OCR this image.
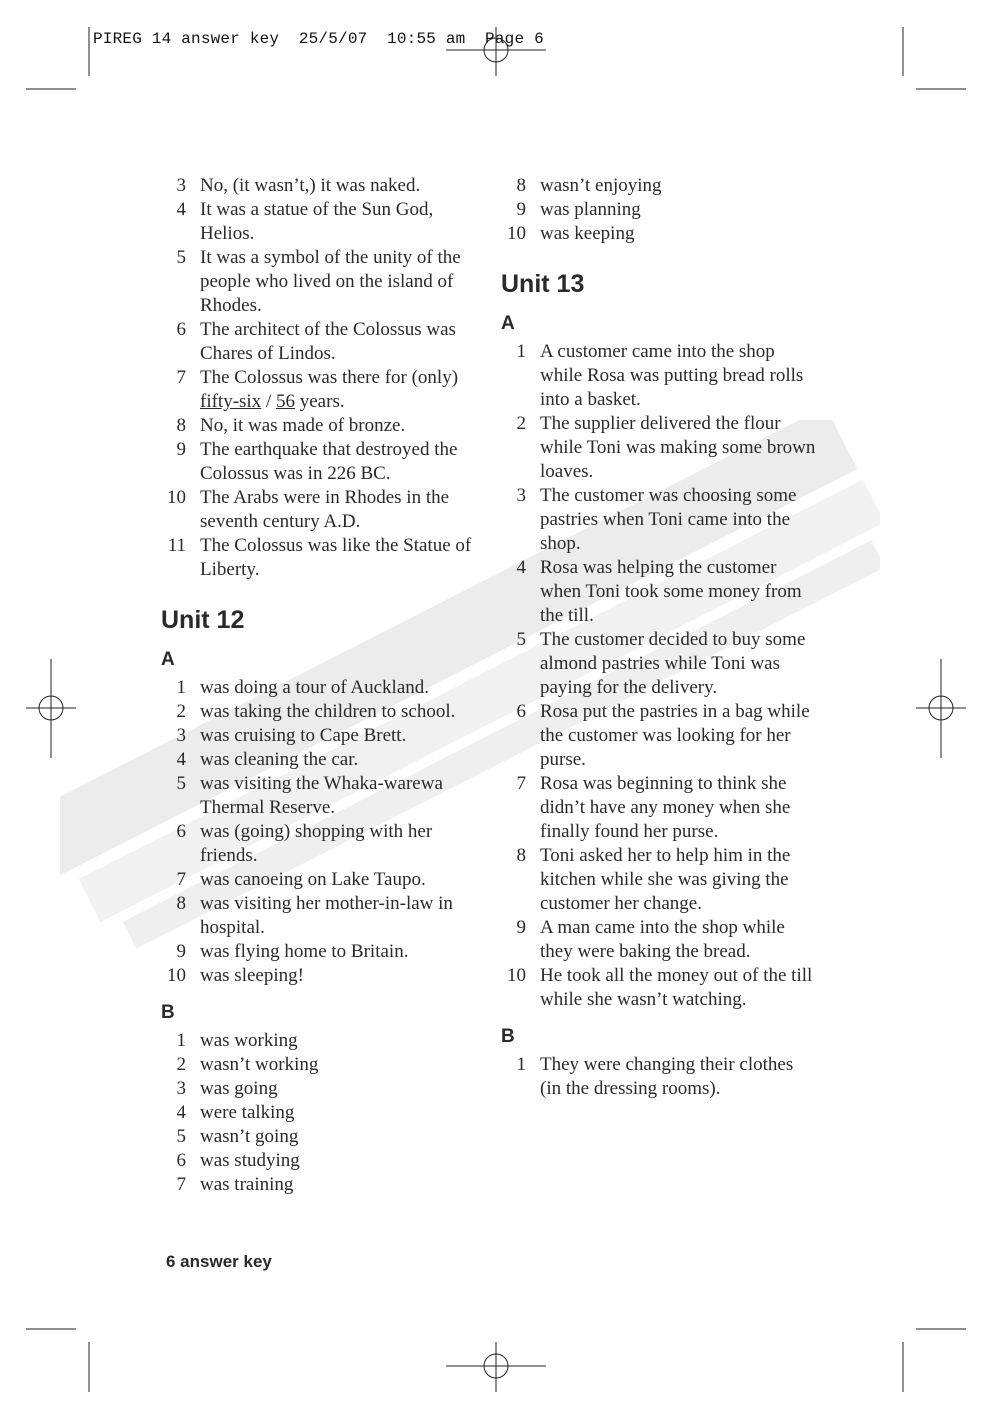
PIREG 14 answer key  25/5/07  10:55 am  Page 6
3 No, (it wasn’t,) it was naked.
4 It was a statue of the Sun God, Helios.
5 It was a symbol of the unity of the people who lived on the island of Rhodes.
6 The architect of the Colossus was Chares of Lindos.
7 The Colossus was there for (only) fifty-six / 56 years.
8 No, it was made of bronze.
9 The earthquake that destroyed the Colossus was in 226 BC.
10 The Arabs were in Rhodes in the seventh century A.D.
11 The Colossus was like the Statue of Liberty.
Unit 12
A
1 was doing a tour of Auckland.
2 was taking the children to school.
3 was cruising to Cape Brett.
4 was cleaning the car.
5 was visiting the Whaka-warewa Thermal Reserve.
6 was (going) shopping with her friends.
7 was canoeing on Lake Taupo.
8 was visiting her mother-in-law in hospital.
9 was flying home to Britain.
10 was sleeping!
B
1 was working
2 wasn’t working
3 was going
4 were talking
5 wasn’t going
6 was studying
7 was training
8 wasn’t enjoying
9 was planning
10 was keeping
Unit 13
A
1 A customer came into the shop while Rosa was putting bread rolls into a basket.
2 The supplier delivered the flour while Toni was making some brown loaves.
3 The customer was choosing some pastries when Toni came into the shop.
4 Rosa was helping the customer when Toni took some money from the till.
5 The customer decided to buy some almond pastries while Toni was paying for the delivery.
6 Rosa put the pastries in a bag while the customer was looking for her purse.
7 Rosa was beginning to think she didn’t have any money when she finally found her purse.
8 Toni asked her to help him in the kitchen while she was giving the customer her change.
9 A man came into the shop while they were baking the bread.
10 He took all the money out of the till while she wasn’t watching.
B
1 They were changing their clothes (in the dressing rooms).
6 answer key
